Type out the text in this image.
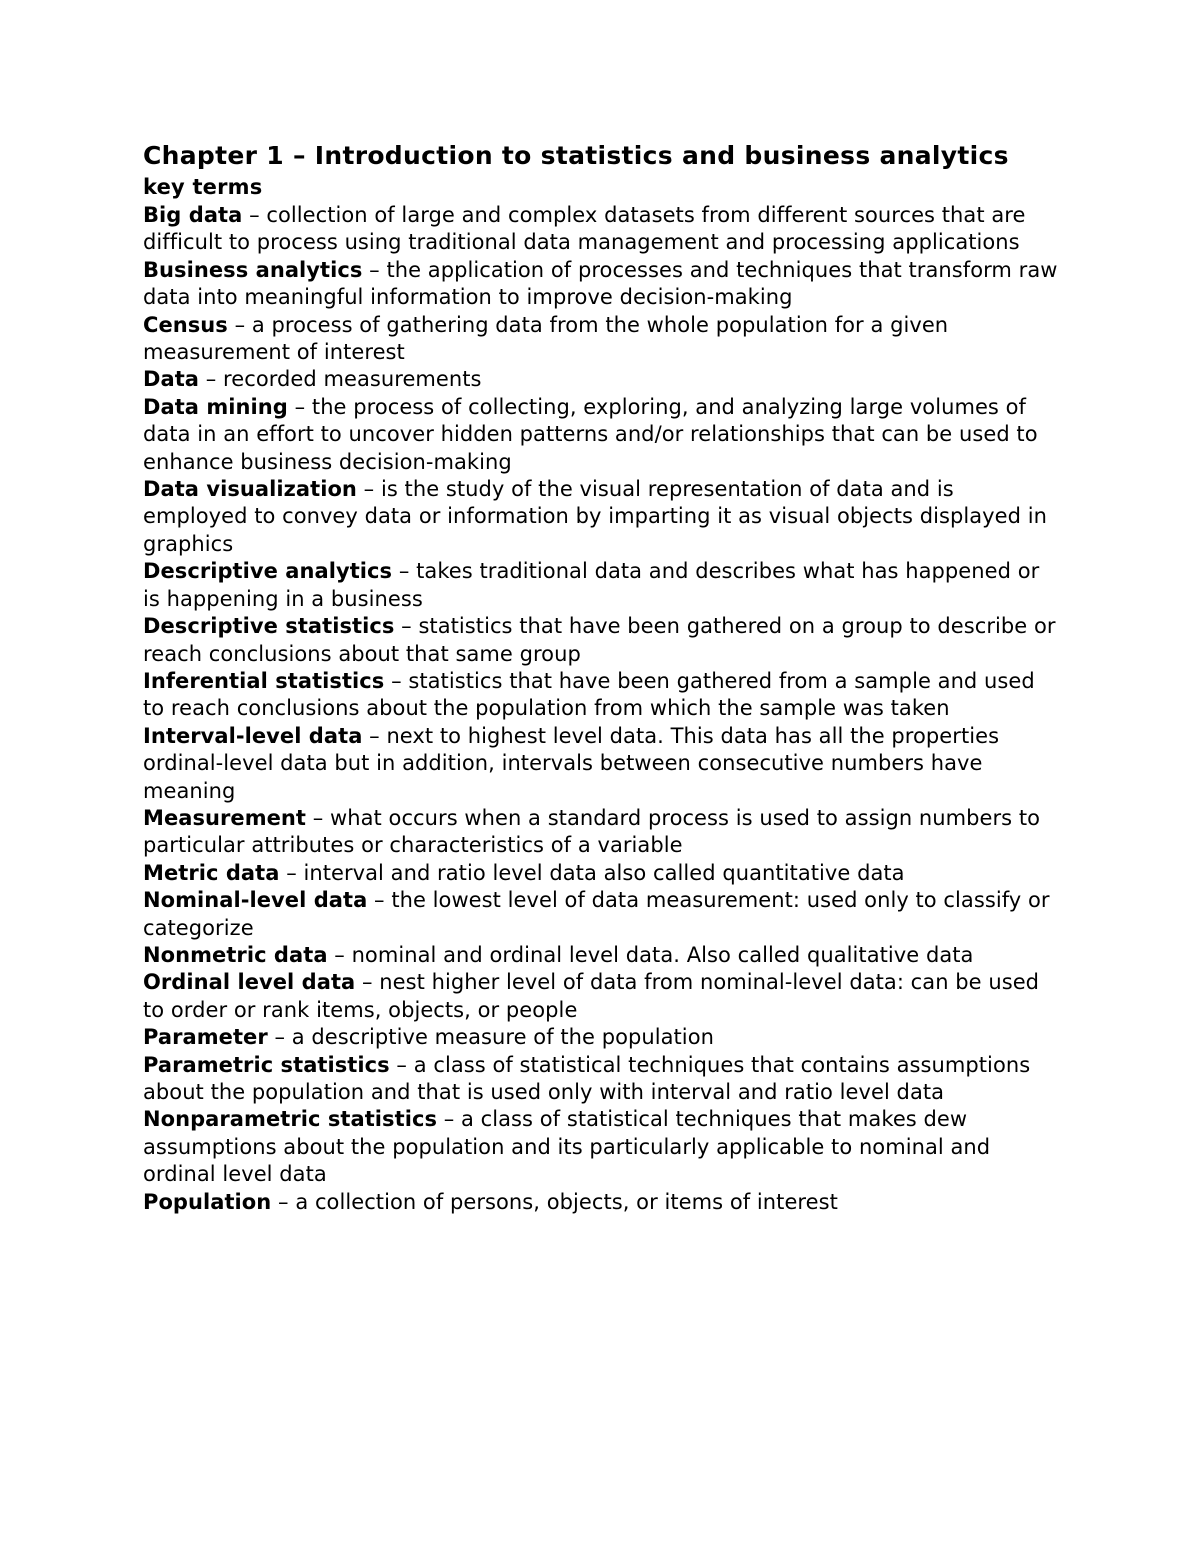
Chapter 1 – Introduction to statistics and business analytics
key terms
Big data – collection of large and complex datasets from different sources that are difficult to process using traditional data management and processing applications
Business analytics – the application of processes and techniques that transform raw data into meaningful information to improve decision-making
Census – a process of gathering data from the whole population for a given measurement of interest
Data – recorded measurements
Data mining – the process of collecting, exploring, and analyzing large volumes of data in an effort to uncover hidden patterns and/or relationships that can be used to enhance business decision-making
Data visualization – is the study of the visual representation of data and is employed to convey data or information by imparting it as visual objects displayed in graphics
Descriptive analytics – takes traditional data and describes what has happened or is happening in a business
Descriptive statistics – statistics that have been gathered on a group to describe or reach conclusions about that same group
Inferential statistics – statistics that have been gathered from a sample and used to reach conclusions about the population from which the sample was taken
Interval-level data – next to highest level data. This data has all the properties ordinal-level data but in addition, intervals between consecutive numbers have meaning
Measurement – what occurs when a standard process is used to assign numbers to particular attributes or characteristics of a variable
Metric data – interval and ratio level data also called quantitative data
Nominal-level data – the lowest level of data measurement: used only to classify or categorize
Nonmetric data – nominal and ordinal level data. Also called qualitative data
Ordinal level data – nest higher level of data from nominal-level data: can be used to order or rank items, objects, or people
Parameter – a descriptive measure of the population
Parametric statistics – a class of statistical techniques that contains assumptions about the population and that is used only with interval and ratio level data
Nonparametric statistics – a class of statistical techniques that makes dew assumptions about the population and its particularly applicable to nominal and ordinal level data
Population – a collection of persons, objects, or items of interest
